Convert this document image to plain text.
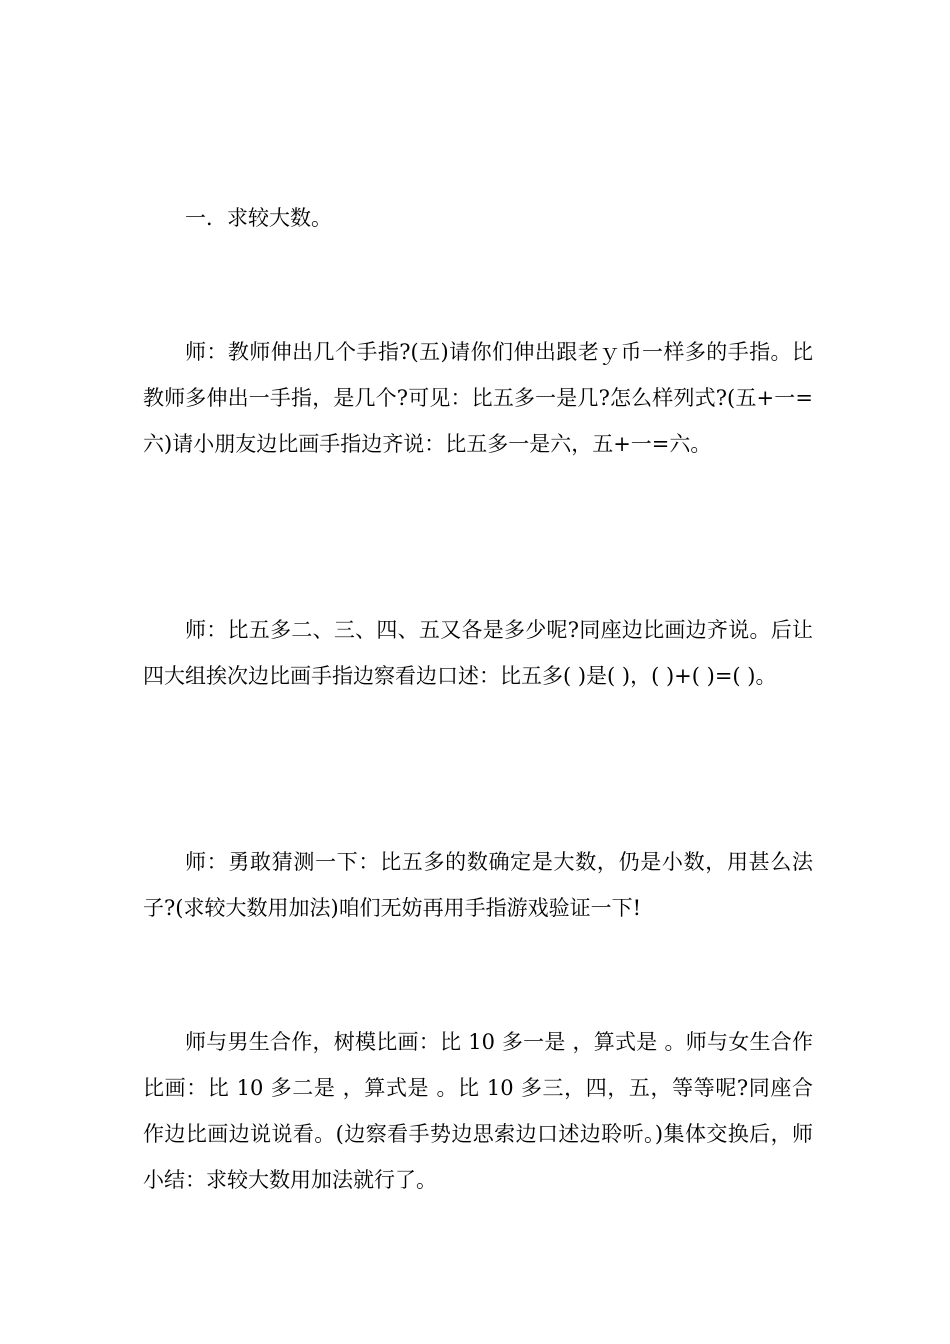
一．求较大数。

师：教师伸出几个手指?(五)请你们伸出跟老ｙ币一样多的手指。比教师多伸出一手指，是几个?可见：比五多一是几?怎么样列式?(五+一=六)请小朋友边比画手指边齐说：比五多一是六，五+一=六。

师：比五多二、三、四、五又各是多少呢?同座边比画边齐说。后让四大组挨次边比画手指边察看边口述：比五多( )是( )，( )+( )=( )。

师：勇敢猜测一下：比五多的数确定是大数，仍是小数，用甚么法子?(求较大数用加法)咱们无妨再用手指游戏验证一下!

师与男生合作，树模比画：比 10 多一是 ，算式是 。师与女生合作比画：比 10 多二是 ，算式是 。比 10 多三，四，五，等等呢?同座合作边比画边说说看。(边察看手势边思索边口述边聆听。)集体交换后，师小结：求较大数用加法就行了。
